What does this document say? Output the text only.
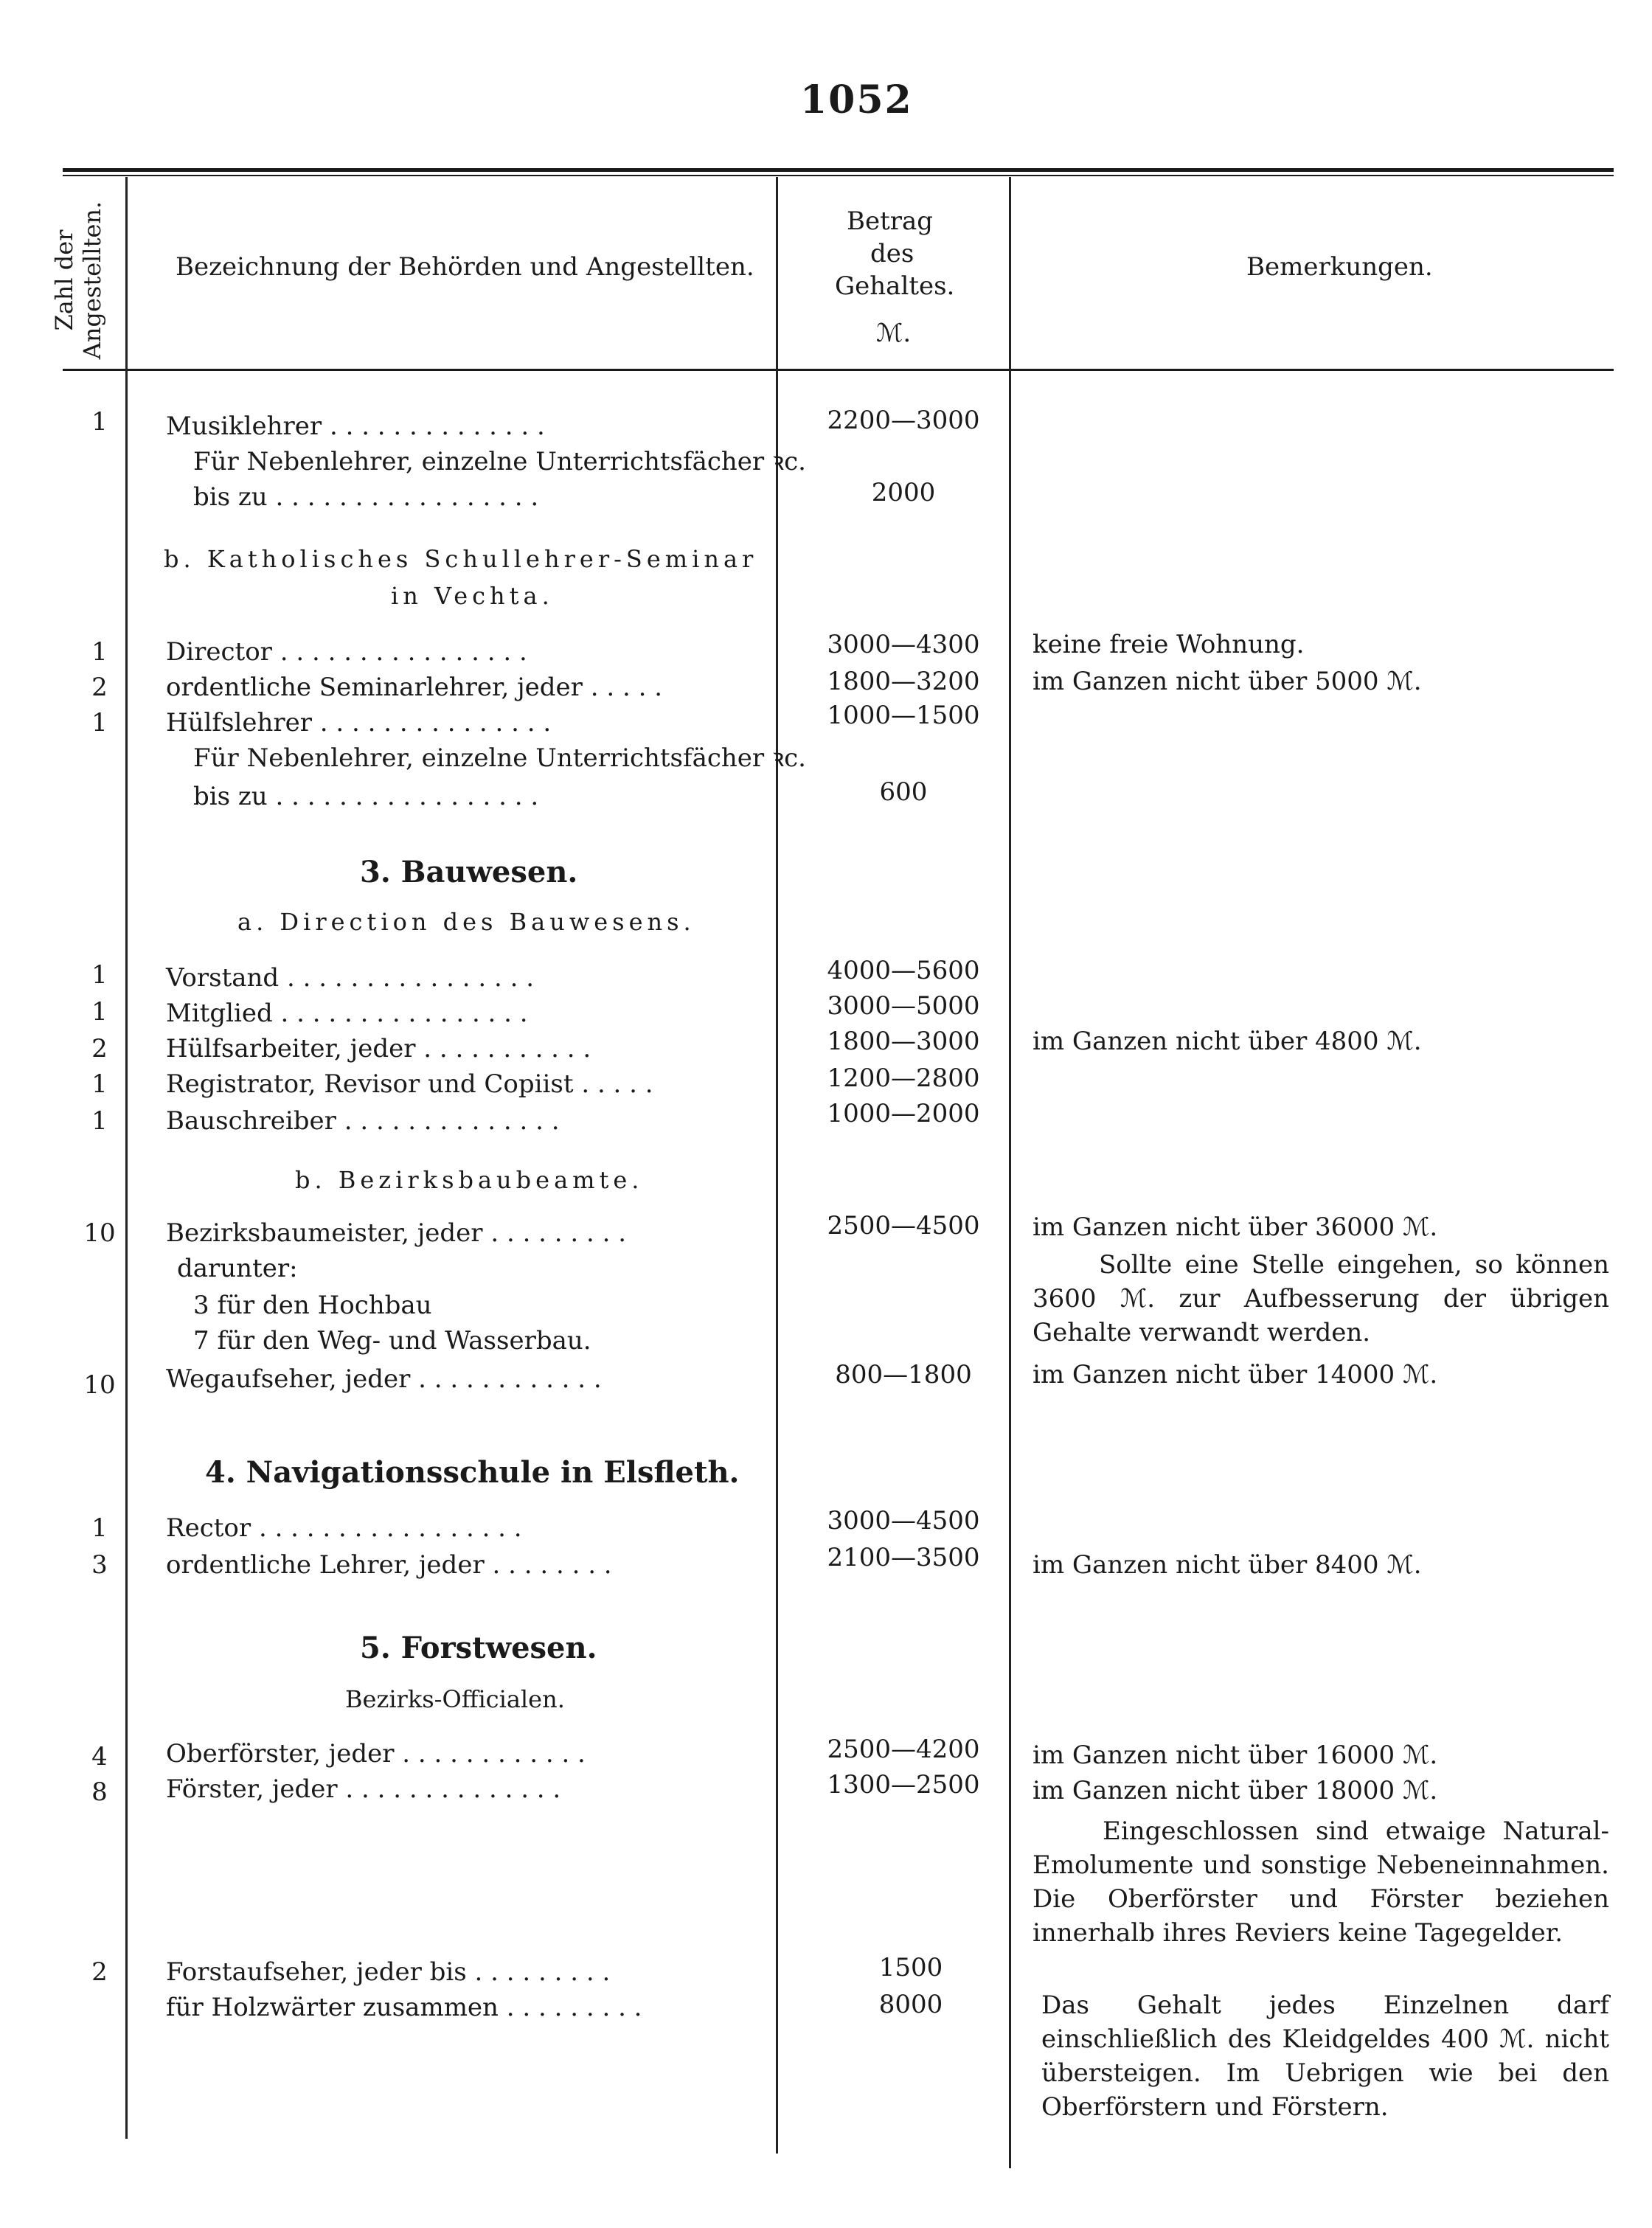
1052
Zahl der Angestellten.	Bezeichnung der Behörden und Angestellten.
Betrag
des
Gehaltes.
ℳ.
Bemerkungen.
1	Musiklehrer . . . . . . . . . . . . . .	2200—3000
Für Nebenlehrer, einzelne Unterrichtsfächer ꝛc.
bis zu . . . . . . . . . . . . . . . . .	2000
b. Katholisches Schullehrer-Seminar
in Vechta.
1	Director . . . . . . . . . . . . . . . .	3000—4300	keine freie Wohnung.
2	ordentliche Seminarlehrer, jeder . . . . .	1800—3200	im Ganzen nicht über 5000 ℳ.
1	Hülfslehrer . . . . . . . . . . . . . . .	1000—1500
Für Nebenlehrer, einzelne Unterrichtsfächer ꝛc.
bis zu . . . . . . . . . . . . . . . . .	600
3. Bauwesen.
a. Direction des Bauwesens.
1	Vorstand . . . . . . . . . . . . . . . .	4000—5600
1	Mitglied . . . . . . . . . . . . . . . .	3000—5000
2	Hülfsarbeiter, jeder . . . . . . . . . . .	1800—3000	im Ganzen nicht über 4800 ℳ.
1	Registrator, Revisor und Copiist . . . . .	1200—2800
1	Bauschreiber . . . . . . . . . . . . . .	1000—2000
b. Bezirksbaubeamte.
10 Bezirksbaumeister, jeder . . . . . . . . .	2500—4500	im Ganzen nicht über 36000 ℳ.
darunter:
3 für den Hochbau
7 für den Weg- und Wasserbau.
Sollte eine Stelle eingehen, so können 3600 ℳ. zur Aufbesserung der übrigen Gehalte verwandt werden.
10 Wegaufseher, jeder . . . . . . . . . . . .	800—1800	im Ganzen nicht über 14000 ℳ.
4. Navigationsschule in Elsfleth.
1	Rector . . . . . . . . . . . . . . . . .	3000—4500
3	ordentliche Lehrer, jeder . . . . . . . .	2100—3500	im Ganzen nicht über 8400 ℳ.
5. Forstwesen.
Bezirks-Officialen.
4	Oberförster, jeder . . . . . . . . . . . .	2500—4200	im Ganzen nicht über 16000 ℳ.
8	Förster, jeder . . . . . . . . . . . . . .	1300—2500	im Ganzen nicht über 18000 ℳ.
Eingeschlossen sind etwaige Natural-Emolumente und sonstige Nebeneinnahmen. Die Oberförster und Förster beziehen innerhalb ihres Reviers keine Tagegelder.
2	Forstaufseher, jeder bis . . . . . . . . .	1500
für Holzwärter zusammen . . . . . . . . .	8000	Das Gehalt jedes Einzelnen darf einschließlich des Kleidgeldes 400 ℳ. nicht übersteigen. Im Uebrigen wie bei den Oberförstern und Förstern.
